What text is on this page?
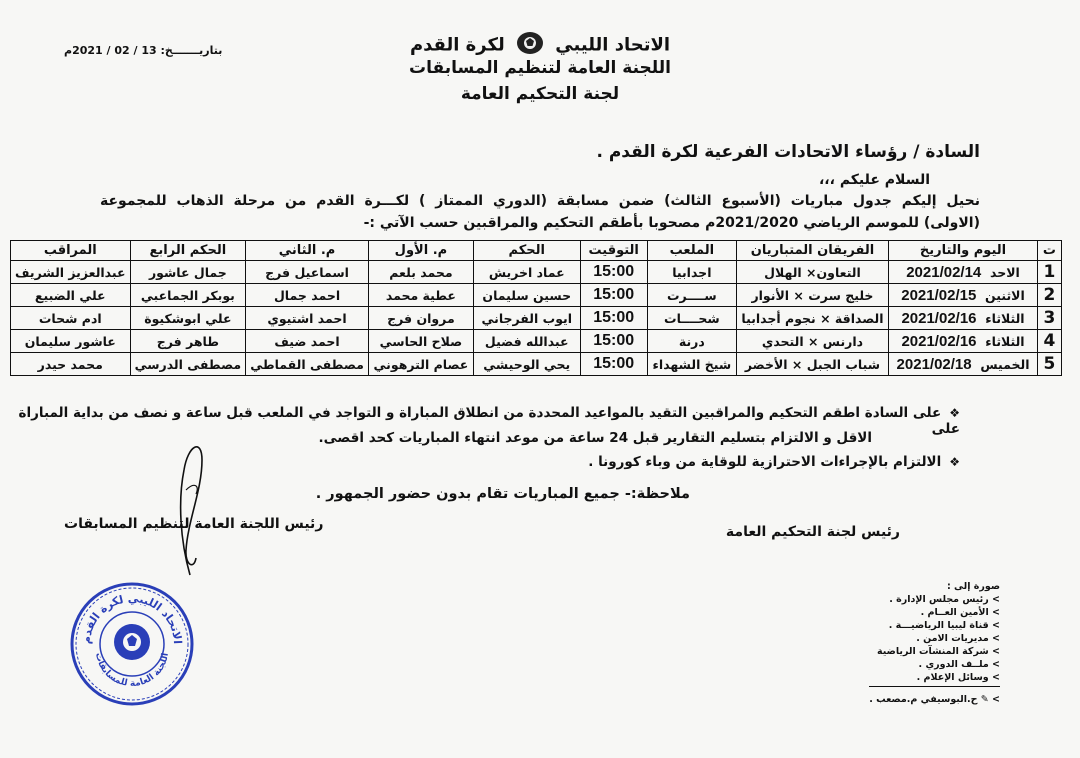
الاتحاد الليبي  لكرة القدم
اللجنة العامة لتنظيم المسابقات
لجنة التحكيم العامة
بتاريـــــــخ: 13 / 02 / 2021م
السادة / رؤساء الاتحادات الفرعية لكرة القدم .
السلام عليكم ،،،
نحيل إليكم جدول مباريات (الأسبوع الثالث) ضمن مسابقة (الدوري الممتاز ) لكـــرة القدم من مرحلة الذهاب للمجموعة
(الاولى) للموسم الرياضي 2021/2020م مصحوبا بأطقم التحكيم والمراقبين حسب الآتي :-
ت	اليوم والتاريخ	الفريقان المتباريان	الملعب	التوقيت	الحكم	م. الأول	م. الثاني	الحكم الرابع	المراقب
1	الاحد  2021/02/14	التعاون× الهلال	اجدابيا	15:00	عماد اخريش	محمد بلعم	اسماعيل فرج	جمال عاشور	عبدالعزيز الشريف
2	الاثنين  2021/02/15	خليج سرت × الأنوار	ســــرت	15:00	حسين سليمان	عطية محمد	احمد جمال	بوبكر الجماعبي	علي الضبيع
3	الثلاثاء  2021/02/16	الصداقة × نجوم أجدابيا	شحــــات	15:00	ايوب الفرجاني	مروان فرج	احمد اشتيوي	علي ابوشكيوة	ادم شحات
4	الثلاثاء  2021/02/16	دارنس × التحدي	درنة	15:00	عبدالله فضيل	صلاح الحاسي	احمد ضيف	طاهر فرج	عاشور سليمان
5	الخميس  2021/02/18	شباب الجبل × الأخضر	شيخ الشهداء	15:00	يحي الوحيشي	عصام الترهوني	مصطفى القماطي	مصطفى الدرسي	محمد حيدر
❖على السادة اطقم التحكيم والمراقبين التقيد بالمواعيد المحددة من انطلاق المباراة و التواجد في الملعب قبل ساعة و نصف من بداية المباراة على
الاقل و الالتزام بتسليم التقارير قبل 24 ساعة من موعد انتهاء المباريات كحد اقصى.
❖الالتزام بالإجراءات الاحترازية للوقاية من وباء كورونا .
ملاحظة:- جميع المباريات تقام بدون حضور الجمهور .
رئيس لجنة التحكيم العامة
رئيس اللجنة العامة لتنظيم المسابقات
الاتحاد الليبي لكرة القدم
اللجنة العامة للمسابقات
صورة إلى :
> رئيس مجلس الإدارة .
> الأمين العــام .
> قناة ليبيا الرياضيـــة .
> مديريات الامن .
> شركة المنشآت الرياضية
> ملــف الدوري .
> وسائل الإعلام .
> ✎ ح.البوسيفي م.مصعب .
